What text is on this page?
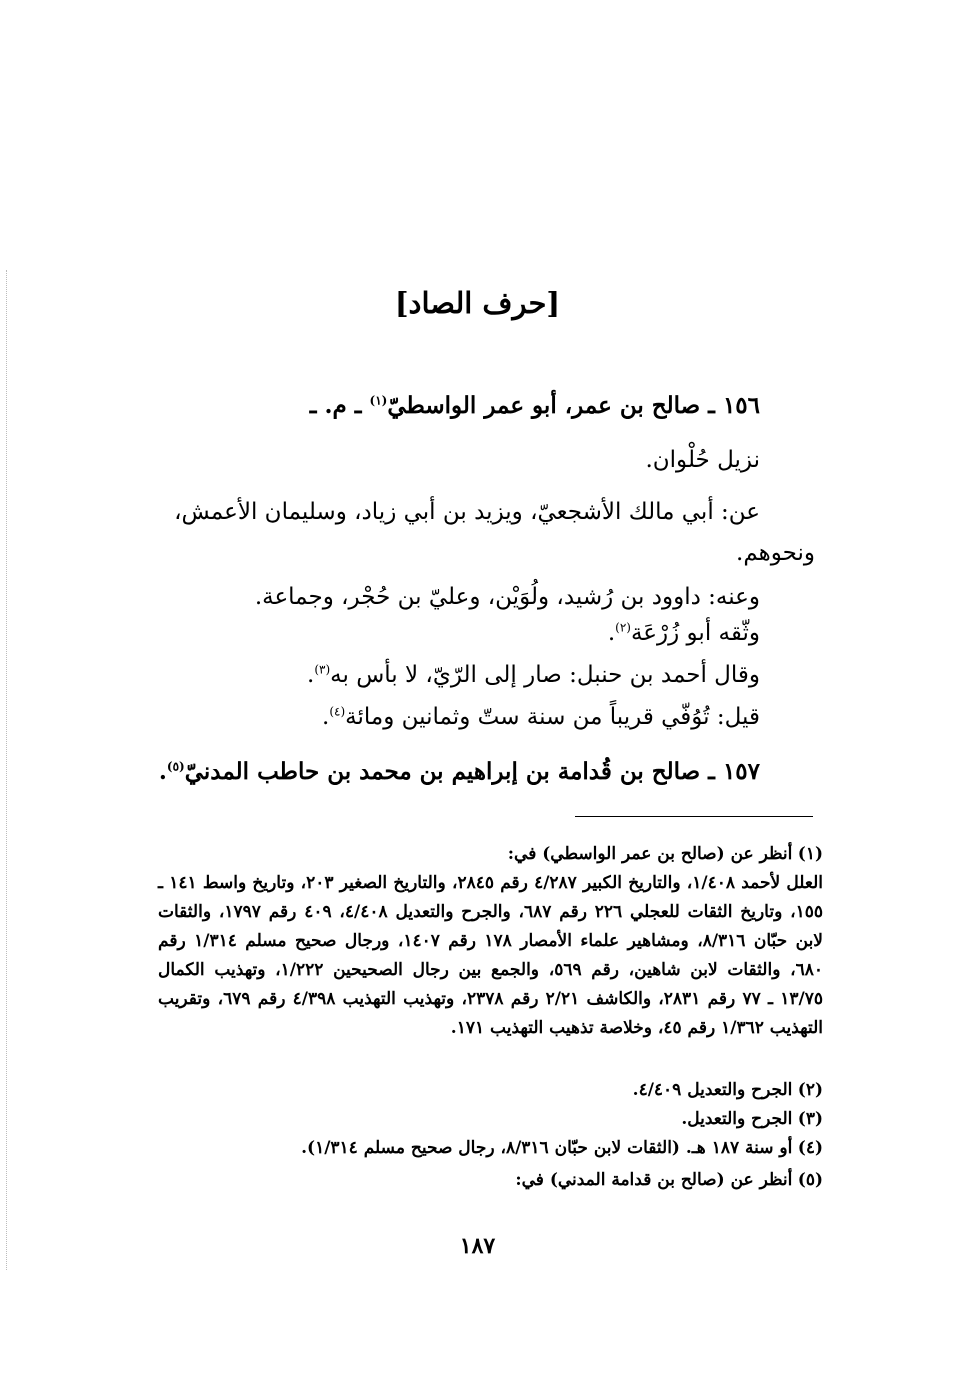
[حرف الصاد]
١٥٦ ـ صالح بن عمر، أبو عمر الواسطيّ$^{(١)}$ ـ م. ـ
نزيل حُلْوان.
عن: أبي مالك الأشجعيّ، ويزيد بن أبي زياد، وسليمان الأعمش،
ونحوهم.
وعنه: داوود بن رُشيد، ولُوَيْن، وعليّ بن حُجْر، وجماعة.
وثّقه أبو زُرْعَة$^{(٢)}$.
وقال أحمد بن حنبل: صار إلى الرّيّ، لا بأس به$^{(٣)}$.
قيل: تُوُفّي قريباً من سنة ستّ وثمانين ومائة$^{(٤)}$.
١٥٧ ـ صالح بن قُدامة بن إبراهيم بن محمد بن حاطب المدنيّ$^{(٥)}$.
(١) أنظر عن (صالح بن عمر الواسطي) في:
العلل لأحمد ١/٤٠٨، والتاريخ الكبير ٤/٢٨٧ رقم ٢٨٤٥، والتاريخ الصغير ٢٠٣، وتاريخ واسط ١٤١ ـ ١٥٥، وتاريخ الثقات للعجلي ٢٢٦ رقم ٦٨٧، والجرح والتعديل ٤/٤٠٨، ٤٠٩ رقم ١٧٩٧، والثقات لابن حبّان ٨/٣١٦، ومشاهير علماء الأمصار ١٧٨ رقم ١٤٠٧، ورجال صحيح مسلم ١/٣١٤ رقم ٦٨٠، والثقات لابن شاهين، رقم ٥٦٩، والجمع بين رجال الصحيحين ١/٢٢٢، وتهذيب الكمال ١٣/٧٥ ـ ٧٧ رقم ٢٨٣١، والكاشف ٢/٢١ رقم ٢٣٧٨، وتهذيب التهذيب ٤/٣٩٨ رقم ٦٧٩، وتقريب التهذيب ١/٣٦٢ رقم ٤٥، وخلاصة تذهيب التهذيب ١٧١.
(٢) الجرح والتعديل ٤/٤٠٩.
(٣) الجرح والتعديل.
(٤) أو سنة ١٨٧ هـ. (الثقات لابن حبّان ٨/٣١٦، رجال صحيح مسلم ١/٣١٤).
(٥) أنظر عن (صالح بن قدامة المدني) في:
١٨٧
